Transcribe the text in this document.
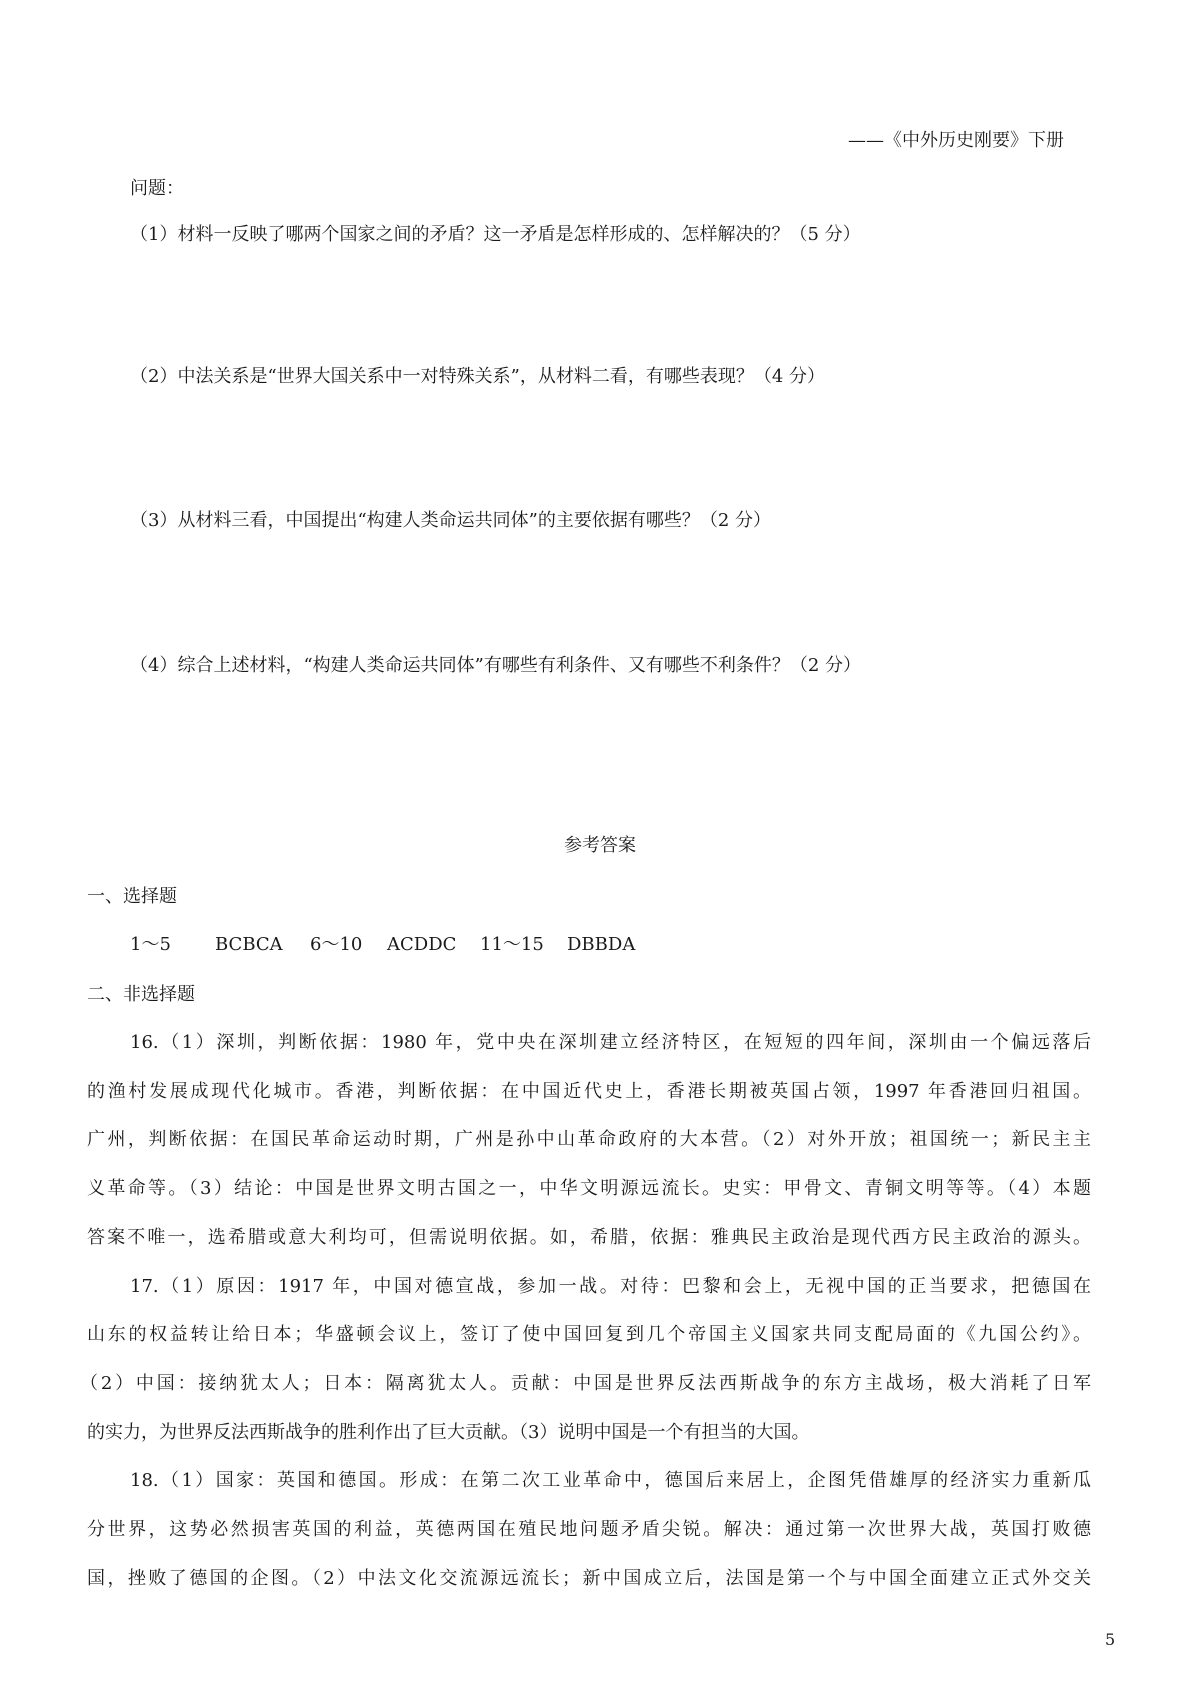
——《中外历史刚要》下册
问题：
（1）材料一反映了哪两个国家之间的矛盾？这一矛盾是怎样形成的、怎样解决的？（5 分）
（2）中法关系是“世界大国关系中一对特殊关系”，从材料二看，有哪些表现？（4 分）
（3）从材料三看，中国提出“构建人类命运共同体”的主要依据有哪些？（2 分）
（4）综合上述材料，“构建人类命运共同体”有哪些有利条件、又有哪些不利条件？（2 分）
参考答案
一、选择题
1～5 BCBCA 6～10 ACDDC 11～15 DBBDA
二、非选择题
16.（1）深圳，判断依据：1980 年，党中央在深圳建立经济特区，在短短的四年间，深圳由一个偏远落后
的渔村发展成现代化城市。香港，判断依据：在中国近代史上，香港长期被英国占领，1997 年香港回归祖国。
广州，判断依据：在国民革命运动时期，广州是孙中山革命政府的大本营。（2）对外开放；祖国统一；新民主主
义革命等。（3）结论：中国是世界文明古国之一，中华文明源远流长。史实：甲骨文、青铜文明等等。（4）本题
答案不唯一，选希腊或意大利均可，但需说明依据。如，希腊，依据：雅典民主政治是现代西方民主政治的源头。
17.（1）原因：1917 年，中国对德宣战，参加一战。对待：巴黎和会上，无视中国的正当要求，把德国在
山东的权益转让给日本；华盛顿会议上，签订了使中国回复到几个帝国主义国家共同支配局面的《九国公约》。
（2）中国：接纳犹太人；日本：隔离犹太人。贡献：中国是世界反法西斯战争的东方主战场，极大消耗了日军
的实力，为世界反法西斯战争的胜利作出了巨大贡献。（3）说明中国是一个有担当的大国。
18.（1）国家：英国和德国。形成：在第二次工业革命中，德国后来居上，企图凭借雄厚的经济实力重新瓜
分世界，这势必然损害英国的利益，英德两国在殖民地问题矛盾尖锐。解决：通过第一次世界大战，英国打败德
国，挫败了德国的企图。（2）中法文化交流源远流长；新中国成立后，法国是第一个与中国全面建立正式外交关
5
